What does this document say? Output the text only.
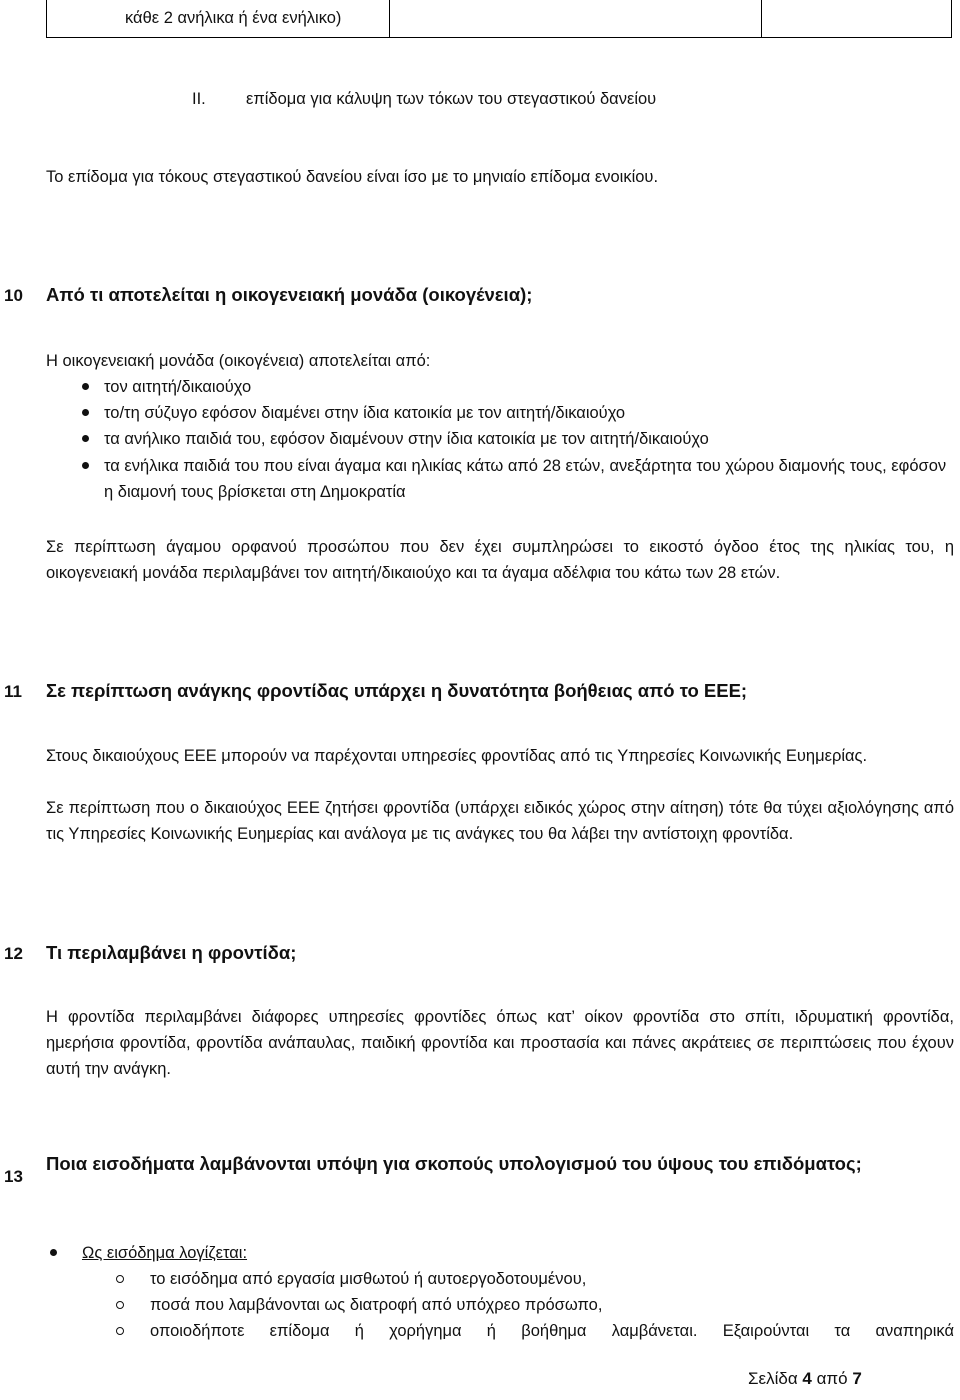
κάθε 2 ανήλικα ή ένα ενήλικο)
II. επίδομα για κάλυψη των τόκων του στεγαστικού δανείου
Το επίδομα για τόκους στεγαστικού δανείου είναι ίσο με το μηνιαίο επίδομα ενοικίου.
10 Από τι αποτελείται η οικογενειακή μονάδα (οικογένεια);
Η οικογενειακή μονάδα (οικογένεια) αποτελείται από:
τον αιτητή/δικαιούχο
το/τη σύζυγο εφόσον διαμένει στην ίδια κατοικία με τον αιτητή/δικαιούχο
τα ανήλικο παιδιά του, εφόσον διαμένουν στην ίδια κατοικία με τον αιτητή/δικαιούχο
τα ενήλικα παιδιά του που είναι άγαμα και ηλικίας κάτω από 28 ετών, ανεξάρτητα του χώρου διαμονής τους, εφόσον η διαμονή τους βρίσκεται στη Δημοκρατία
Σε περίπτωση άγαμου ορφανού προσώπου που δεν έχει συμπληρώσει το εικοστό όγδοο έτος της ηλικίας του, η οικογενειακή μονάδα περιλαμβάνει τον αιτητή/δικαιούχο και τα άγαμα αδέλφια του κάτω των 28 ετών.
11 Σε περίπτωση ανάγκης φροντίδας υπάρχει η δυνατότητα βοήθειας από το ΕΕΕ;
Στους δικαιούχους ΕΕΕ μπορούν να παρέχονται υπηρεσίες φροντίδας από τις Υπηρεσίες Κοινωνικής Ευημερίας.
Σε περίπτωση που ο δικαιούχος ΕΕΕ ζητήσει φροντίδα (υπάρχει ειδικός χώρος στην αίτηση) τότε θα τύχει αξιολόγησης από τις Υπηρεσίες Κοινωνικής Ευημερίας και ανάλογα με τις ανάγκες του θα λάβει την αντίστοιχη φροντίδα.
12 Τι περιλαμβάνει η φροντίδα;
Η φροντίδα περιλαμβάνει διάφορες υπηρεσίες φροντίδες όπως κατ’ οίκον φροντίδα στο σπίτι, ιδρυματική φροντίδα, ημερήσια φροντίδα, φροντίδα ανάπαυλας, παιδική φροντίδα και προστασία και πάνες ακράτειες σε περιπτώσεις που έχουν αυτή την ανάγκη.
13
Ποια εισοδήματα λαμβάνονται υπόψη για σκοπούς υπολογισμού του ύψους του επιδόματος;
Ως εισόδημα λογίζεται:
το εισόδημα από εργασία μισθωτού ή αυτοεργοδοτουμένου,
ποσά που λαμβάνονται ως διατροφή από υπόχρεο πρόσωπο,
οποιοδήποτε επίδομα ή χορήγημα ή βοήθημα λαμβάνεται. Εξαιρούνται τα αναπηρικά
Σελίδα 4 από 7
